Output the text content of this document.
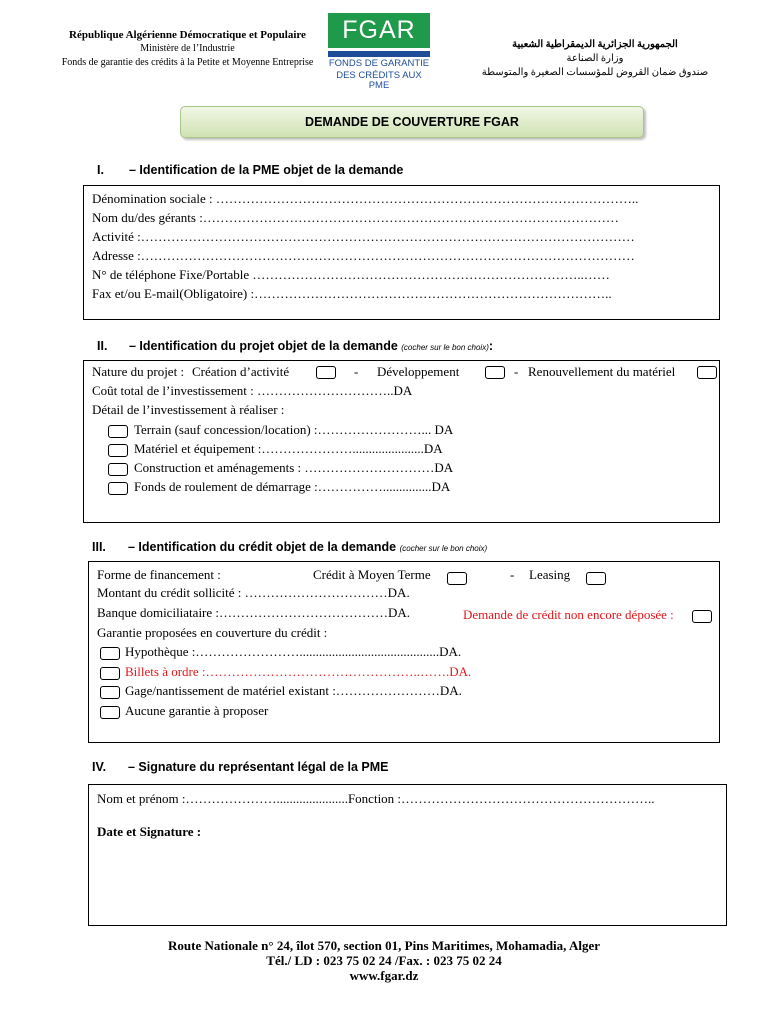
République Algérienne Démocratique et Populaire
Ministère de l’Industrie
Fonds de garantie des crédits à la Petite et Moyenne Entreprise
FGAR
FONDS DE GARANTIE
DES CRÉDITS AUX PME
الجمهورية الجزائرية الديمقراطية الشعبية
وزارة الصناعة
صندوق ضمان القروض للمؤسسات الصغيرة والمتوسطة
DEMANDE DE COUVERTURE FGAR
I. – Identification de la PME objet de la demande
Dénomination sociale : ……………………………………………………………………………………..
Nom du/des gérants :……………………………………………………………………………………
Activité :……………………………………………………………………………………………………
Adresse :……………………………………………………………………………………………………
N° de téléphone Fixe/Portable …………………………………………………………………..……
Fax et/ou E-mail(Obligatoire) :………………………………………………………………………..
II. – Identification du projet objet de la demande (cocher sur le bon choix):
Nature du projet : Création d’activité	- Développement	- Renouvellement du matériel
Coût total de l’investissement : …………………………..DA
Détail de l’investissement à réaliser :
Terrain (sauf concession/location) :……………………... DA
Matériel et équipement :…………………......................DA
Construction et aménagements : …………………………DA
Fonds de roulement de démarrage :……………...............DA
III. – Identification du crédit objet de la demande (cocher sur le bon choix)
Forme de financement :	Crédit à Moyen Terme	- Leasing
Montant du crédit sollicité : ……………………………DA.
Banque domiciliataire :…………………………………DA.	Demande de crédit non encore déposée :
Garantie proposées en couverture du crédit :
Hypothèque :……………………...........................................DA.
Billets à ordre :…………………………………………..…….DA.
Gage/nantissement de matériel existant :……………………DA.
Aucune garantie à proposer
IV. – Signature du représentant légal de la PME
Nom et prénom :…………………......................Fonction :…………………………………………………..
Date et Signature :
Route Nationale n° 24, îlot 570, section 01, Pins Maritimes, Mohamadia, Alger
Tél./ LD : 023 75 02 24 /Fax. : 023 75 02 24
www.fgar.dz
